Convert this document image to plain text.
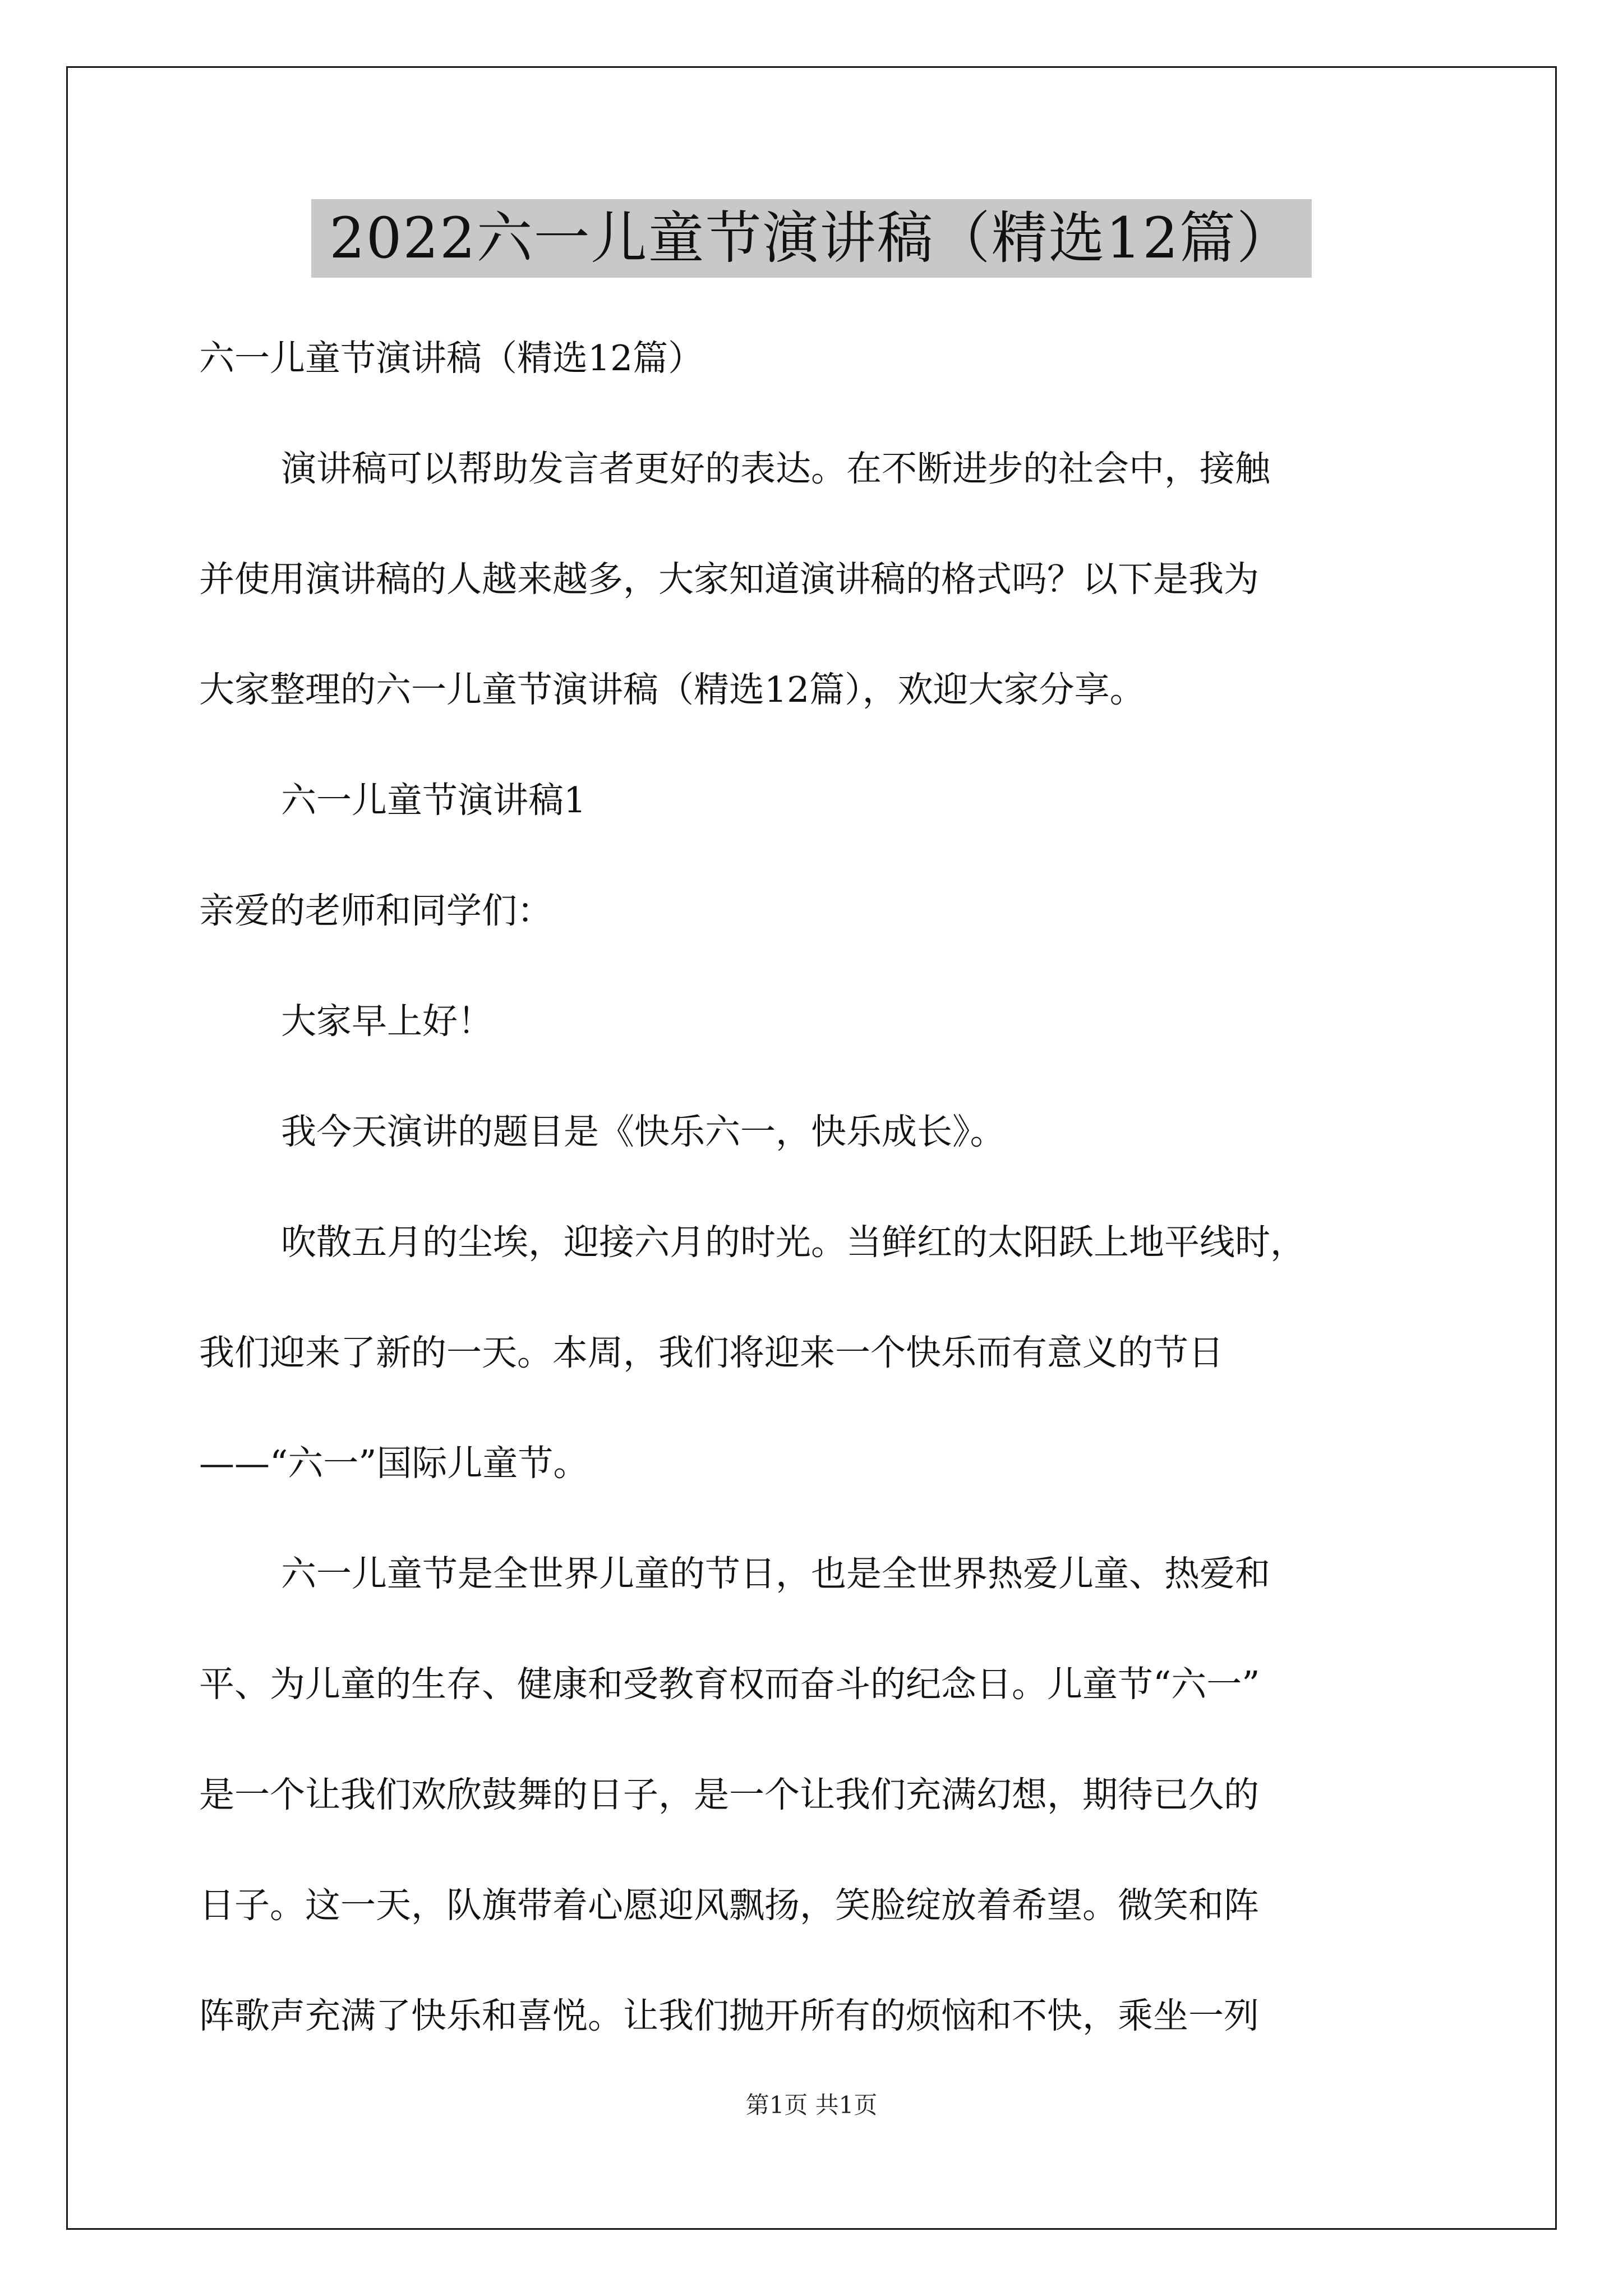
2022六一儿童节演讲稿（精选12篇）
六一儿童节演讲稿（精选12篇）
演讲稿可以帮助发言者更好的表达。在不断进步的社会中，接触
并使用演讲稿的人越来越多，大家知道演讲稿的格式吗？以下是我为
大家整理的六一儿童节演讲稿（精选12篇），欢迎大家分享。
六一儿童节演讲稿1
亲爱的老师和同学们：
大家早上好！
我今天演讲的题目是《快乐六一，快乐成长》。
吹散五月的尘埃，迎接六月的时光。当鲜红的太阳跃上地平线时，
我们迎来了新的一天。本周，我们将迎来一个快乐而有意义的节日
——“六一”国际儿童节。
六一儿童节是全世界儿童的节日，也是全世界热爱儿童、热爱和
平、为儿童的生存、健康和受教育权而奋斗的纪念日。儿童节“六一”
是一个让我们欢欣鼓舞的日子，是一个让我们充满幻想，期待已久的
日子。这一天，队旗带着心愿迎风飘扬，笑脸绽放着希望。微笑和阵
阵歌声充满了快乐和喜悦。让我们抛开所有的烦恼和不快，乘坐一列
第1页 共1页
